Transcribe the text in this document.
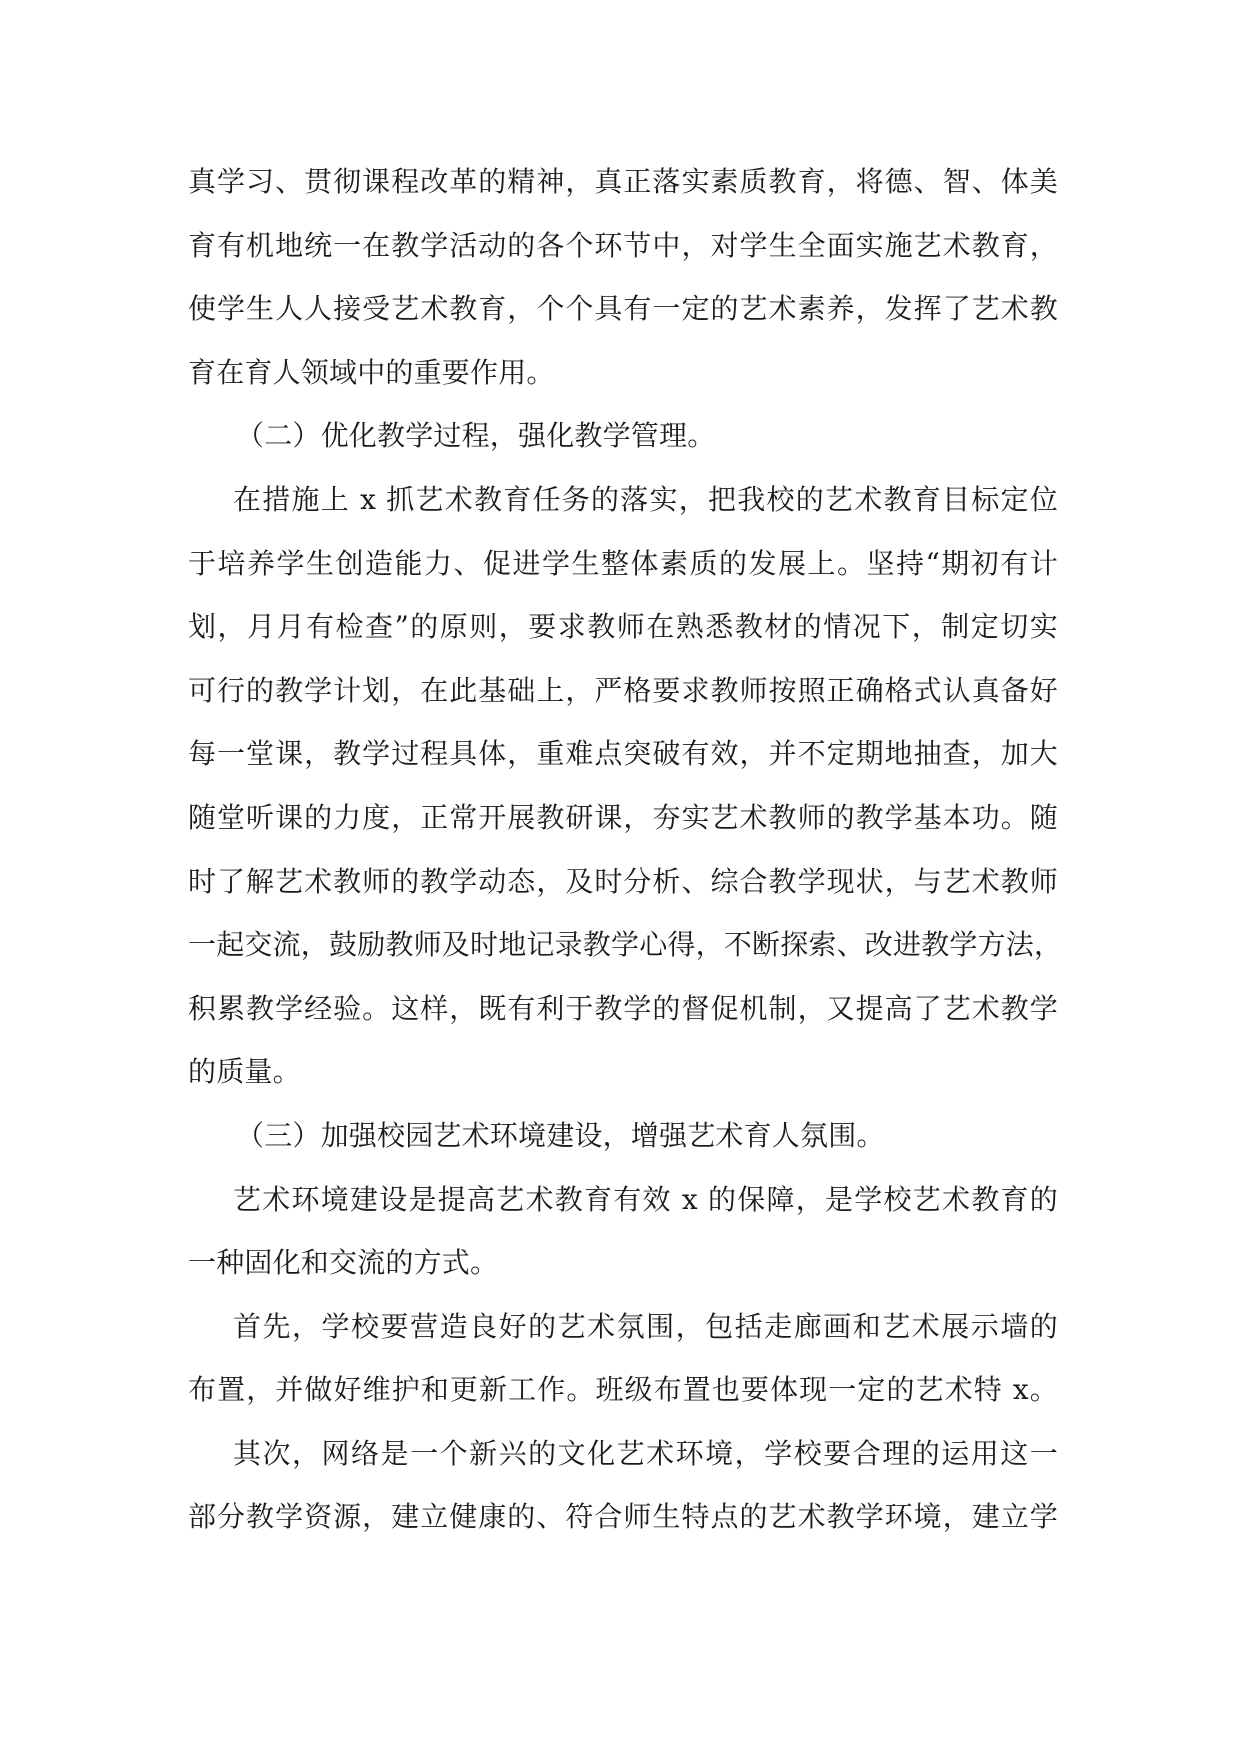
真学习、贯彻课程改革的精神，真正落实素质教育，将德、智、体美
育有机地统一在教学活动的各个环节中，对学生全面实施艺术教育，
使学生人人接受艺术教育，个个具有一定的艺术素养，发挥了艺术教
育在育人领域中的重要作用。
（二）优化教学过程，强化教学管理。
在措施上 x 抓艺术教育任务的落实，把我校的艺术教育目标定位
于培养学生创造能力、促进学生整体素质的发展上。坚持“期初有计
划，月月有检查”的原则，要求教师在熟悉教材的情况下，制定切实
可行的教学计划，在此基础上，严格要求教师按照正确格式认真备好
每一堂课，教学过程具体，重难点突破有效，并不定期地抽查，加大
随堂听课的力度，正常开展教研课，夯实艺术教师的教学基本功。随
时了解艺术教师的教学动态，及时分析、综合教学现状，与艺术教师
一起交流，鼓励教师及时地记录教学心得，不断探索、改进教学方法，
积累教学经验。这样，既有利于教学的督促机制，又提高了艺术教学
的质量。
（三）加强校园艺术环境建设，增强艺术育人氛围。
艺术环境建设是提高艺术教育有效 x 的保障，是学校艺术教育的
一种固化和交流的方式。
首先，学校要营造良好的艺术氛围，包括走廊画和艺术展示墙的
布置，并做好维护和更新工作。班级布置也要体现一定的艺术特 x。
其次，网络是一个新兴的文化艺术环境，学校要合理的运用这一
部分教学资源，建立健康的、符合师生特点的艺术教学环境，建立学
